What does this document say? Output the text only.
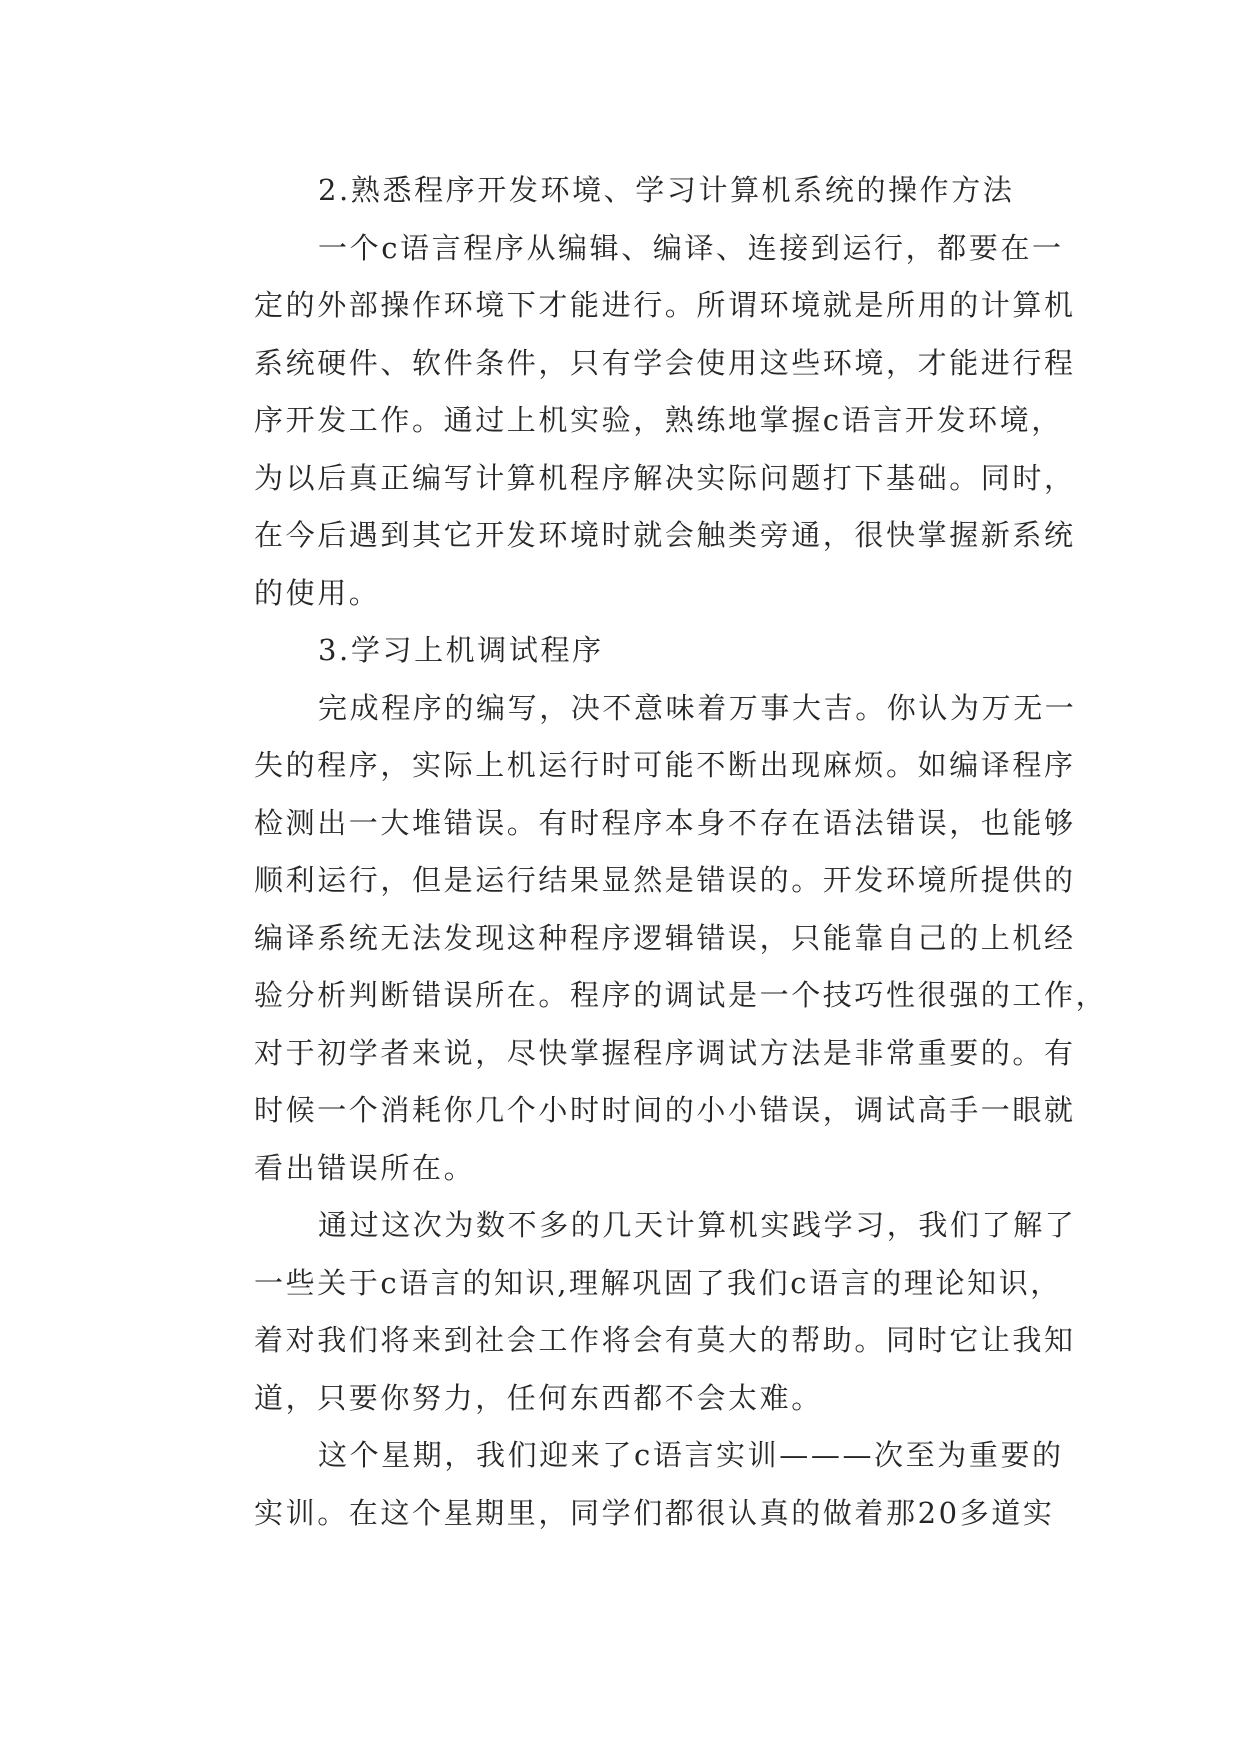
2.熟悉程序开发环境、学习计算机系统的操作方法
一个c语言程序从编辑、编译、连接到运行，都要在一
定的外部操作环境下才能进行。所谓环境就是所用的计算机
系统硬件、软件条件，只有学会使用这些环境，才能进行程
序开发工作。通过上机实验，熟练地掌握c语言开发环境，
为以后真正编写计算机程序解决实际问题打下基础。同时，
在今后遇到其它开发环境时就会触类旁通，很快掌握新系统
的使用。
3.学习上机调试程序
完成程序的编写，决不意味着万事大吉。你认为万无一
失的程序，实际上机运行时可能不断出现麻烦。如编译程序
检测出一大堆错误。有时程序本身不存在语法错误，也能够
顺利运行，但是运行结果显然是错误的。开发环境所提供的
编译系统无法发现这种程序逻辑错误，只能靠自己的上机经
验分析判断错误所在。程序的调试是一个技巧性很强的工作，
对于初学者来说，尽快掌握程序调试方法是非常重要的。有
时候一个消耗你几个小时时间的小小错误，调试高手一眼就
看出错误所在。
通过这次为数不多的几天计算机实践学习，我们了解了
一些关于c语言的知识,理解巩固了我们c语言的理论知识，
着对我们将来到社会工作将会有莫大的帮助。同时它让我知
道，只要你努力，任何东西都不会太难。
这个星期，我们迎来了c语言实训———次至为重要的
实训。在这个星期里，同学们都很认真的做着那20多道实
